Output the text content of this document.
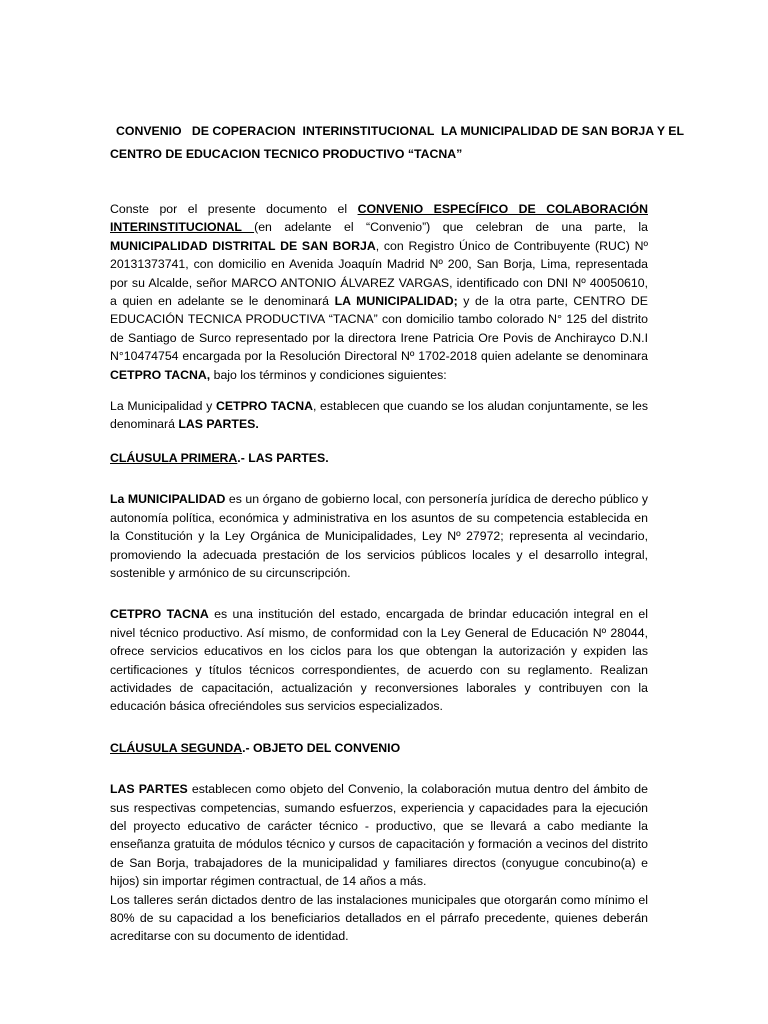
CONVENIO   DE COPERACION  INTERINSTITUCIONAL  LA MUNICIPALIDAD DE SAN BORJA Y EL

CENTRO DE EDUCACION TECNICO PRODUCTIVO “TACNA”

Conste por el presente documento el CONVENIO ESPECÍFICO DE COLABORACIÓN INTERINSTITUCIONAL (en adelante el “Convenio”) que celebran de una parte, la MUNICIPALIDAD DISTRITAL DE SAN BORJA, con Registro Único de Contribuyente (RUC) Nº 20131373741, con domicilio en Avenida Joaquín Madrid Nº 200, San Borja, Lima, representada por su Alcalde, señor MARCO ANTONIO ÁLVAREZ VARGAS, identificado con DNI Nº 40050610, a quien en adelante se le denominará LA MUNICIPALIDAD; y de la otra parte, CENTRO DE EDUCACIÓN TECNICA PRODUCTIVA “TACNA” con domicilio tambo colorado N° 125 del distrito de Santiago de Surco representado por la directora Irene Patricia Ore Povis de Anchirayco D.N.I N°10474754 encargada por la Resolución Directoral Nº 1702-2018 quien adelante se denominara CETPRO TACNA, bajo los términos y condiciones siguientes:

La Municipalidad y CETPRO TACNA, establecen que cuando se los aludan conjuntamente, se les denominará LAS PARTES.

CLÁUSULA PRIMERA.- LAS PARTES.

La MUNICIPALIDAD es un órgano de gobierno local, con personería jurídica de derecho público y autonomía política, económica y administrativa en los asuntos de su competencia establecida en la Constitución y la Ley Orgánica de Municipalidades, Ley Nº 27972; representa al vecindario, promoviendo la adecuada prestación de los servicios públicos locales y el desarrollo integral, sostenible y armónico de su circunscripción.

CETPRO TACNA es una institución del estado, encargada de brindar educación integral en el nivel técnico productivo. Así mismo, de conformidad con la Ley General de Educación Nº 28044, ofrece servicios educativos en los ciclos para los que obtengan la autorización y expiden las certificaciones y títulos técnicos correspondientes, de acuerdo con su reglamento. Realizan actividades de capacitación, actualización y reconversiones laborales y contribuyen con la educación básica ofreciéndoles sus servicios especializados.

CLÁUSULA SEGUNDA.- OBJETO DEL CONVENIO

LAS PARTES establecen como objeto del Convenio, la colaboración mutua dentro del ámbito de sus respectivas competencias, sumando esfuerzos, experiencia y capacidades para la ejecución del proyecto educativo de carácter técnico - productivo, que se llevará a cabo mediante la enseñanza gratuita de módulos técnico y cursos de capacitación y formación a vecinos del distrito de San Borja, trabajadores de la municipalidad y familiares directos (conyugue concubino(a) e hijos) sin importar régimen contractual, de 14 años a más.

Los talleres serán dictados dentro de las instalaciones municipales que otorgarán como mínimo el 80% de su capacidad a los beneficiarios detallados en el párrafo precedente, quienes deberán acreditarse con su documento de identidad.
